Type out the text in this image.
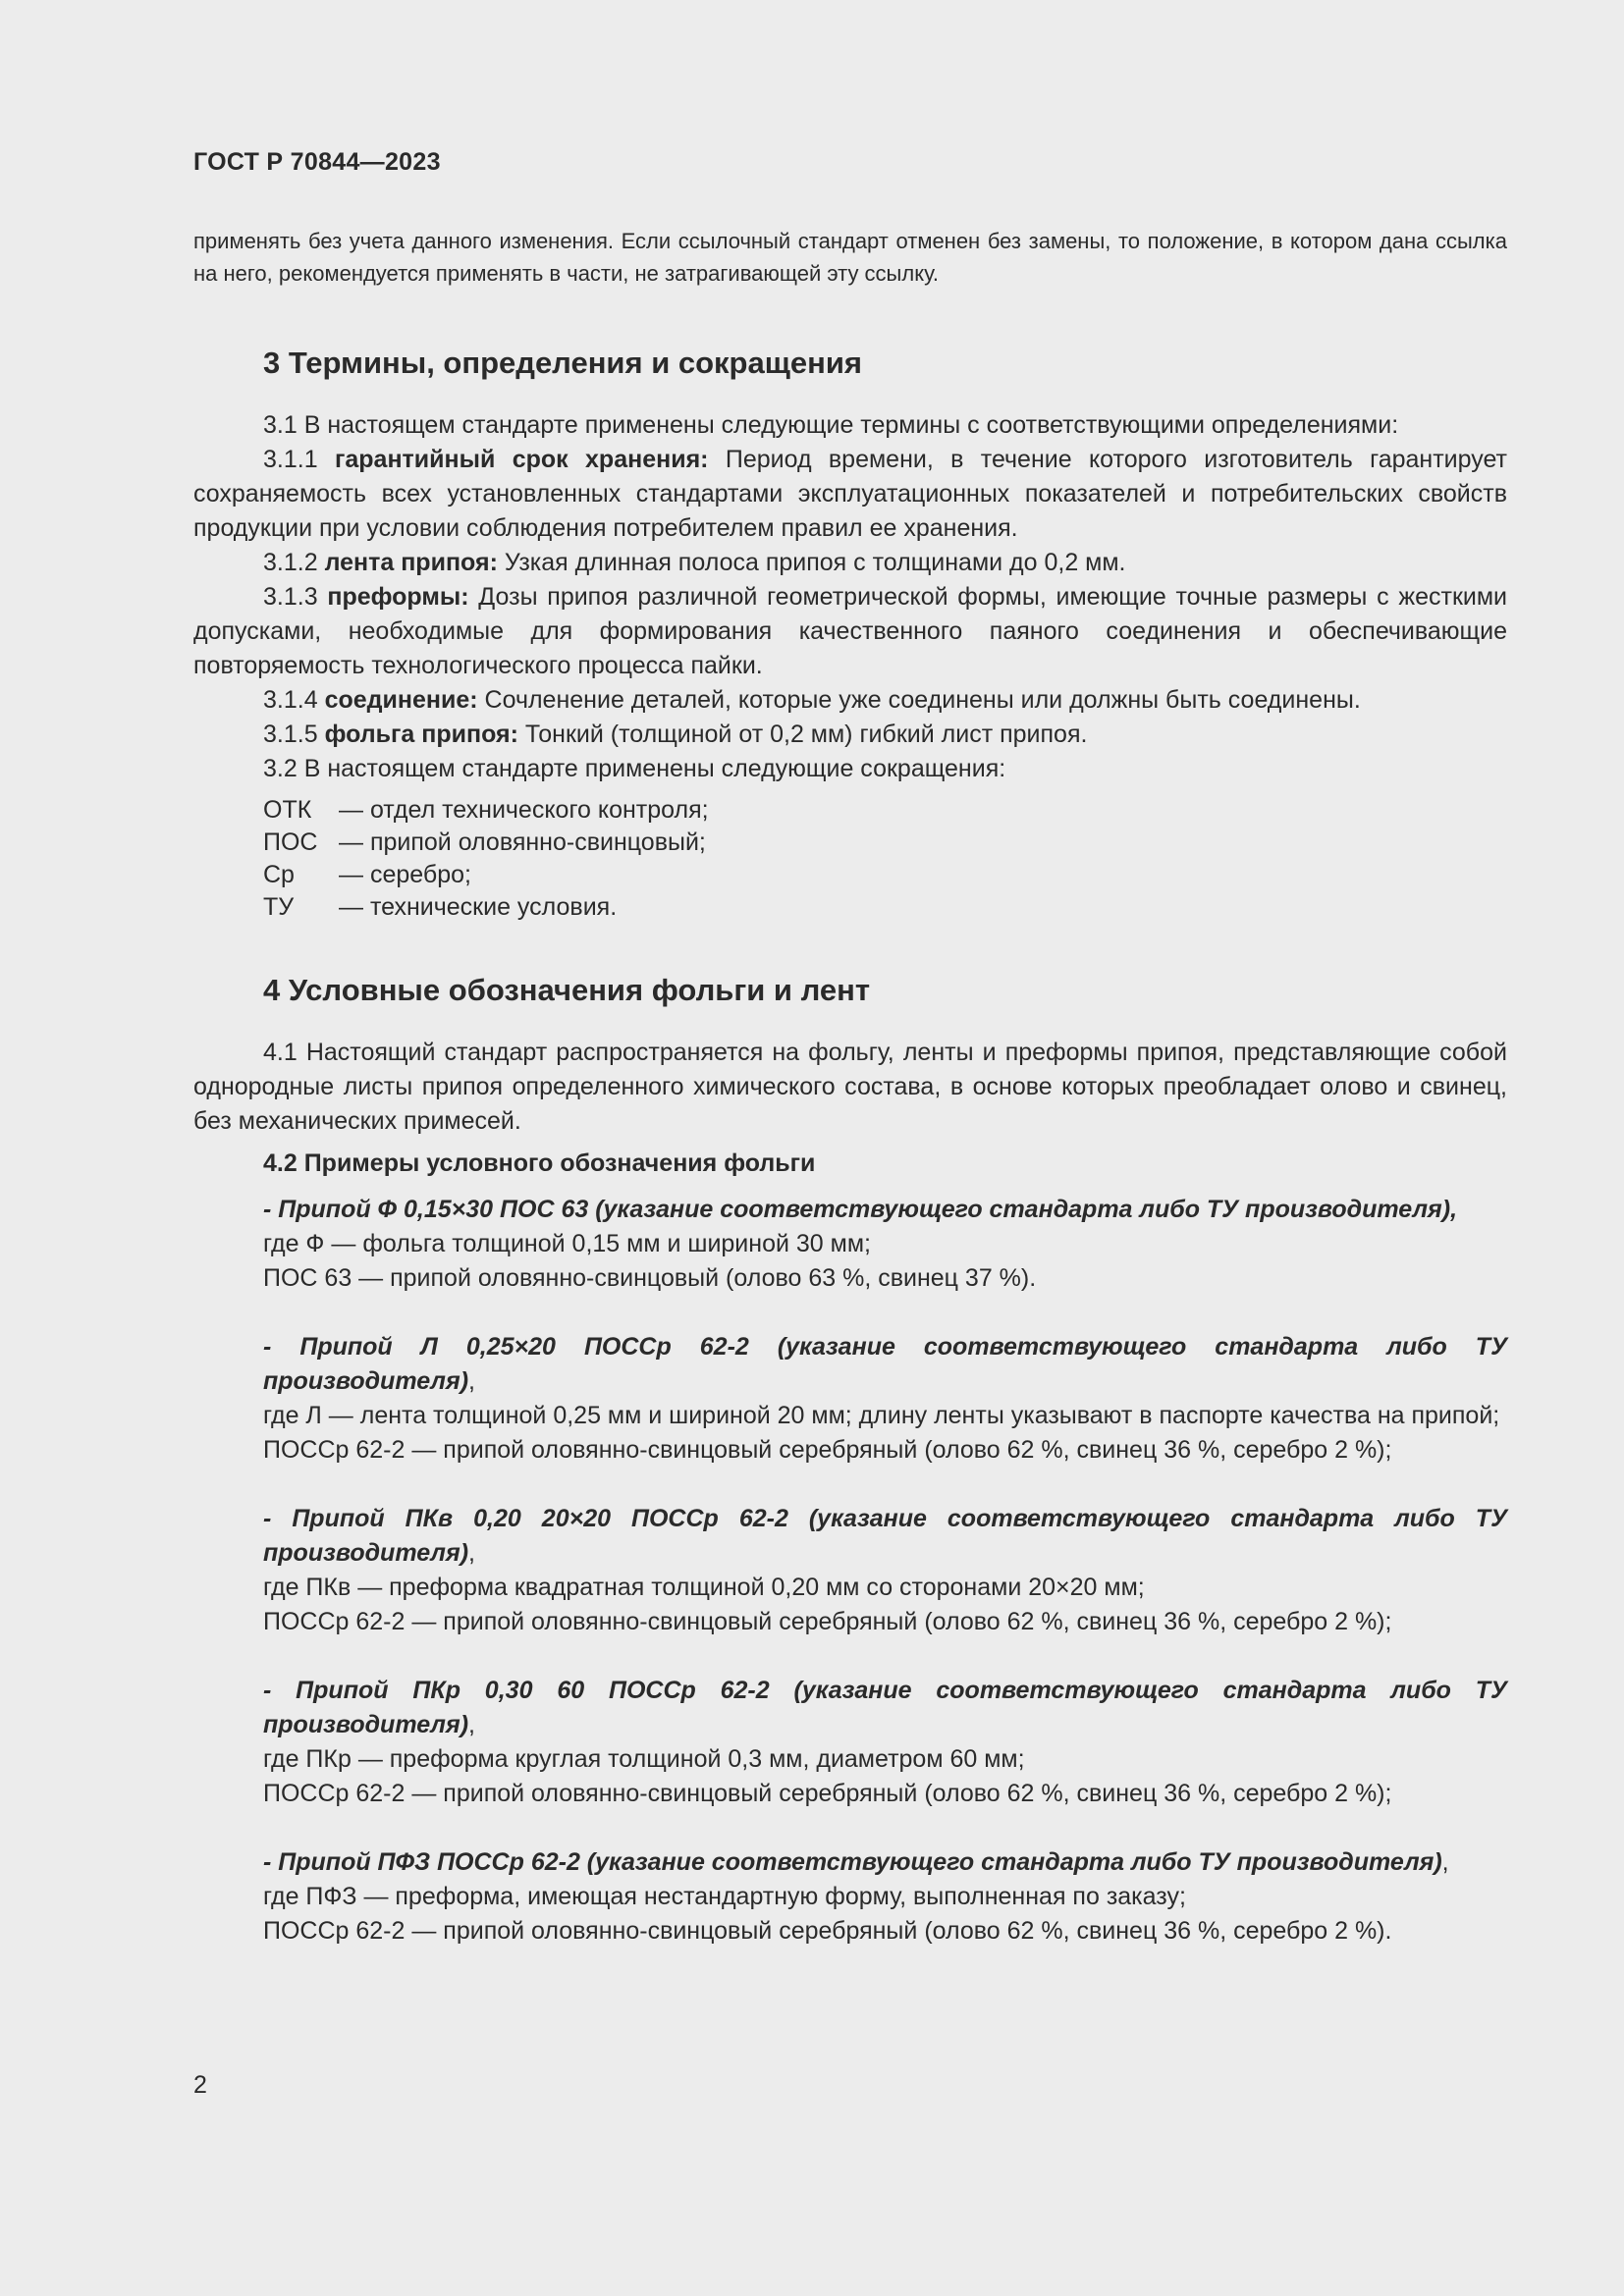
ГОСТ Р 70844—2023
применять без учета данного изменения. Если ссылочный стандарт отменен без замены, то положение, в котором дана ссылка на него, рекомендуется применять в части, не затрагивающей эту ссылку.
3 Термины, определения и сокращения

3.1 В настоящем стандарте применены следующие термины с соответствующими определениями:

3.1.1 гарантийный срок хранения: Период времени, в течение которого изготовитель гарантирует сохраняемость всех установленных стандартами эксплуатационных показателей и потребительских свойств продукции при условии соблюдения потребителем правил ее хранения.

3.1.2 лента припоя: Узкая длинная полоса припоя с толщинами до 0,2 мм.

3.1.3 преформы: Дозы припоя различной геометрической формы, имеющие точные размеры с жесткими допусками, необходимые для формирования качественного паяного соединения и обеспечивающие повторяемость технологического процесса пайки.

3.1.4 соединение: Сочленение деталей, которые уже соединены или должны быть соединены.

3.1.5 фольга припоя: Тонкий (толщиной от 0,2 мм) гибкий лист припоя.

3.2 В настоящем стандарте применены следующие сокращения:

ОТК	— отдел технического контроля;
ПОС — припой оловянно-свинцовый;
Ср	— серебро;
ТУ	— технические условия.
4 Условные обозначения фольги и лент

4.1 Настоящий стандарт распространяется на фольгу, ленты и преформы припоя, представляющие собой однородные листы припоя определенного химического состава, в основе которых преобладает олово и свинец, без механических примесей.

4.2 Примеры условного обозначения фольги
- Припой Ф 0,15×30 ПОС 63 (указание соответствующего стандарта либо ТУ производителя),
где Ф — фольга толщиной 0,15 мм и шириной 30 мм;
ПОС 63 — припой оловянно-свинцовый (олово 63 %, свинец 37 %).
- Припой Л 0,25×20 ПОССр 62-2 (указание соответствующего стандарта либо ТУ производителя),
где Л — лента толщиной 0,25 мм и шириной 20 мм; длину ленты указывают в паспорте качества на припой;
ПОССр 62-2 — припой оловянно-свинцовый серебряный (олово 62 %, свинец 36 %, серебро 2 %);
- Припой ПКв 0,20 20×20 ПОССр 62-2 (указание соответствующего стандарта либо ТУ производителя),
где ПКв — преформа квадратная толщиной 0,20 мм со сторонами 20×20 мм;
ПОССр 62-2 — припой оловянно-свинцовый серебряный (олово 62 %, свинец 36 %, серебро 2 %);
- Припой ПКр 0,30 60 ПОССр 62-2 (указание соответствующего стандарта либо ТУ производителя),
где ПКр — преформа круглая толщиной 0,3 мм, диаметром 60 мм;
ПОССр 62-2 — припой оловянно-свинцовый серебряный (олово 62 %, свинец 36 %, серебро 2 %);
- Припой ПФЗ ПОССр 62-2 (указание соответствующего стандарта либо ТУ производителя),
где ПФЗ — преформа, имеющая нестандартную форму, выполненная по заказу;
ПОССр 62-2 — припой оловянно-свинцовый серебряный (олово 62 %, свинец 36 %, серебро 2 %).
2
